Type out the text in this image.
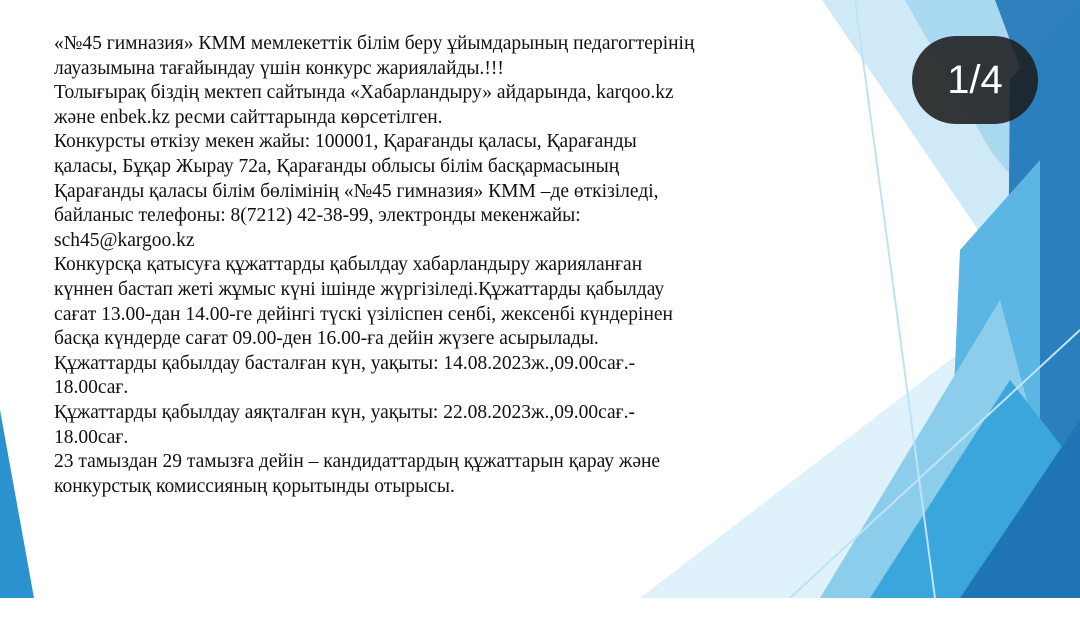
«№45 гимназия» КММ мемлекеттік білім беру ұйымдарының педагогтерінің
лауазымына тағайындау үшін конкурс жариялайды.!!!
Толығырақ біздің мектеп сайтында «Хабарландыру» айдарында, karqoo.kz
және enbek.kz ресми сайттарында көрсетілген.
Конкурсты өткізу мекен жайы: 100001, Қарағанды қаласы, Қарағанды
қаласы, Бұқар Жырау 72а, Қарағанды облысы білім басқармасының
Қарағанды қаласы білім бөлімінің «№45 гимназия» КММ –де өткізіледі,
байланыс телефоны: 8(7212) 42-38-99, электронды мекенжайы:
sch45@kargoo.kz
Конкурсқа қатысуға құжаттарды қабылдау хабарландыру жарияланған
күннен бастап жеті жұмыс күні ішінде жүргізіледі.Құжаттарды қабылдау
сағат 13.00-дан 14.00-ге дейінгі түскі үзіліспен сенбі, жексенбі күндерінен
басқа күндерде сағат 09.00-ден 16.00-ға дейін жүзеге асырылады.
Құжаттарды қабылдау басталған күн, уақыты: 14.08.2023ж.,09.00сағ.-
18.00сағ.
Құжаттарды қабылдау аяқталған күн, уақыты: 22.08.2023ж.,09.00сағ.-
18.00сағ.
23 тамыздан 29 тамызға дейін – кандидаттардың құжаттарын қарау және
конкурстық комиссияның қорытынды отырысы.
1/4
